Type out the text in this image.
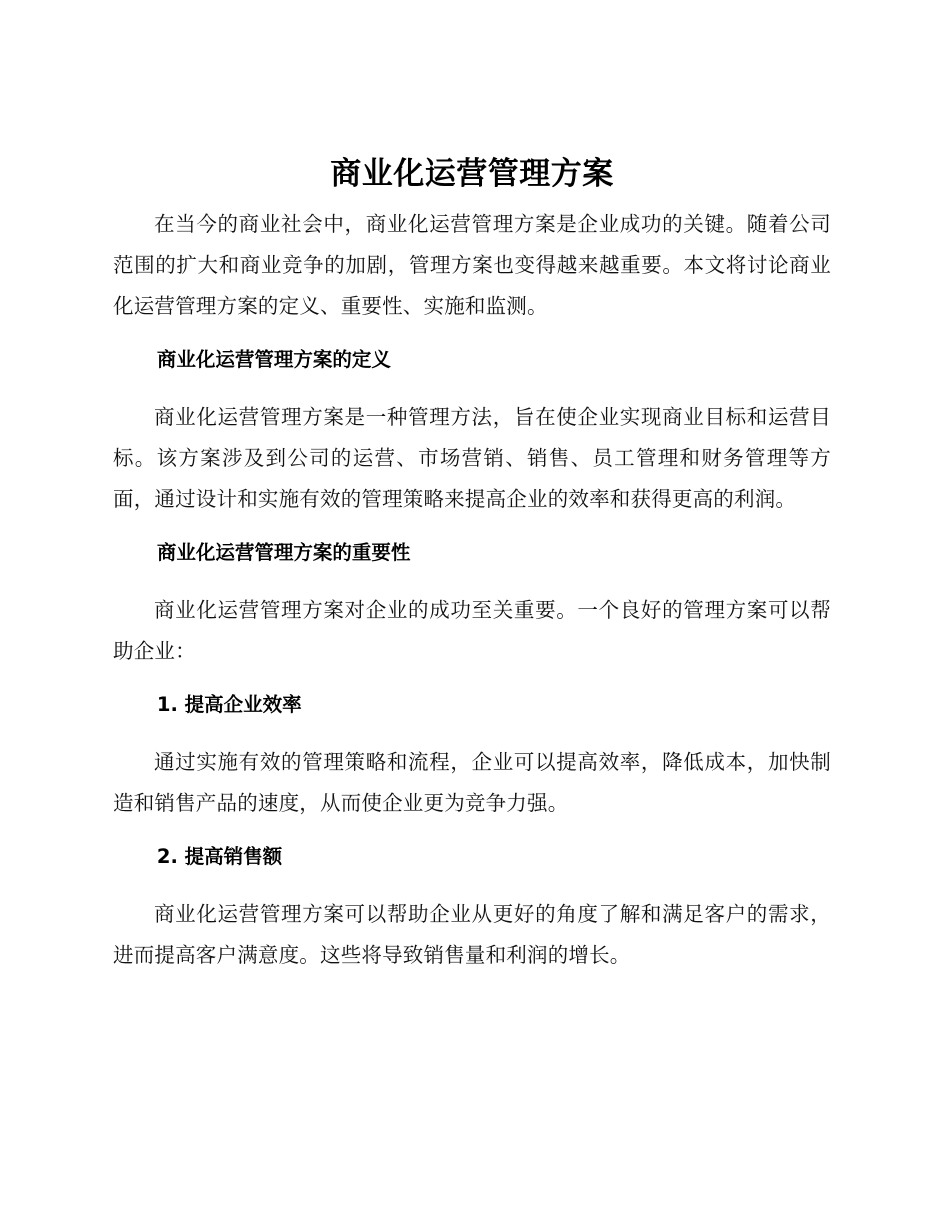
商业化运营管理方案

在当今的商业社会中，商业化运营管理方案是企业成功的关键。随着公司范围的扩大和商业竞争的加剧，管理方案也变得越来越重要。本文将讨论商业化运营管理方案的定义、重要性、实施和监测。

商业化运营管理方案的定义

商业化运营管理方案是一种管理方法，旨在使企业实现商业目标和运营目标。该方案涉及到公司的运营、市场营销、销售、员工管理和财务管理等方面，通过设计和实施有效的管理策略来提高企业的效率和获得更高的利润。

商业化运营管理方案的重要性

商业化运营管理方案对企业的成功至关重要。一个良好的管理方案可以帮助企业：

1. 提高企业效率

通过实施有效的管理策略和流程，企业可以提高效率，降低成本，加快制造和销售产品的速度，从而使企业更为竞争力强。

2. 提高销售额

商业化运营管理方案可以帮助企业从更好的角度了解和满足客户的需求，进而提高客户满意度。这些将导致销售量和利润的增长。
